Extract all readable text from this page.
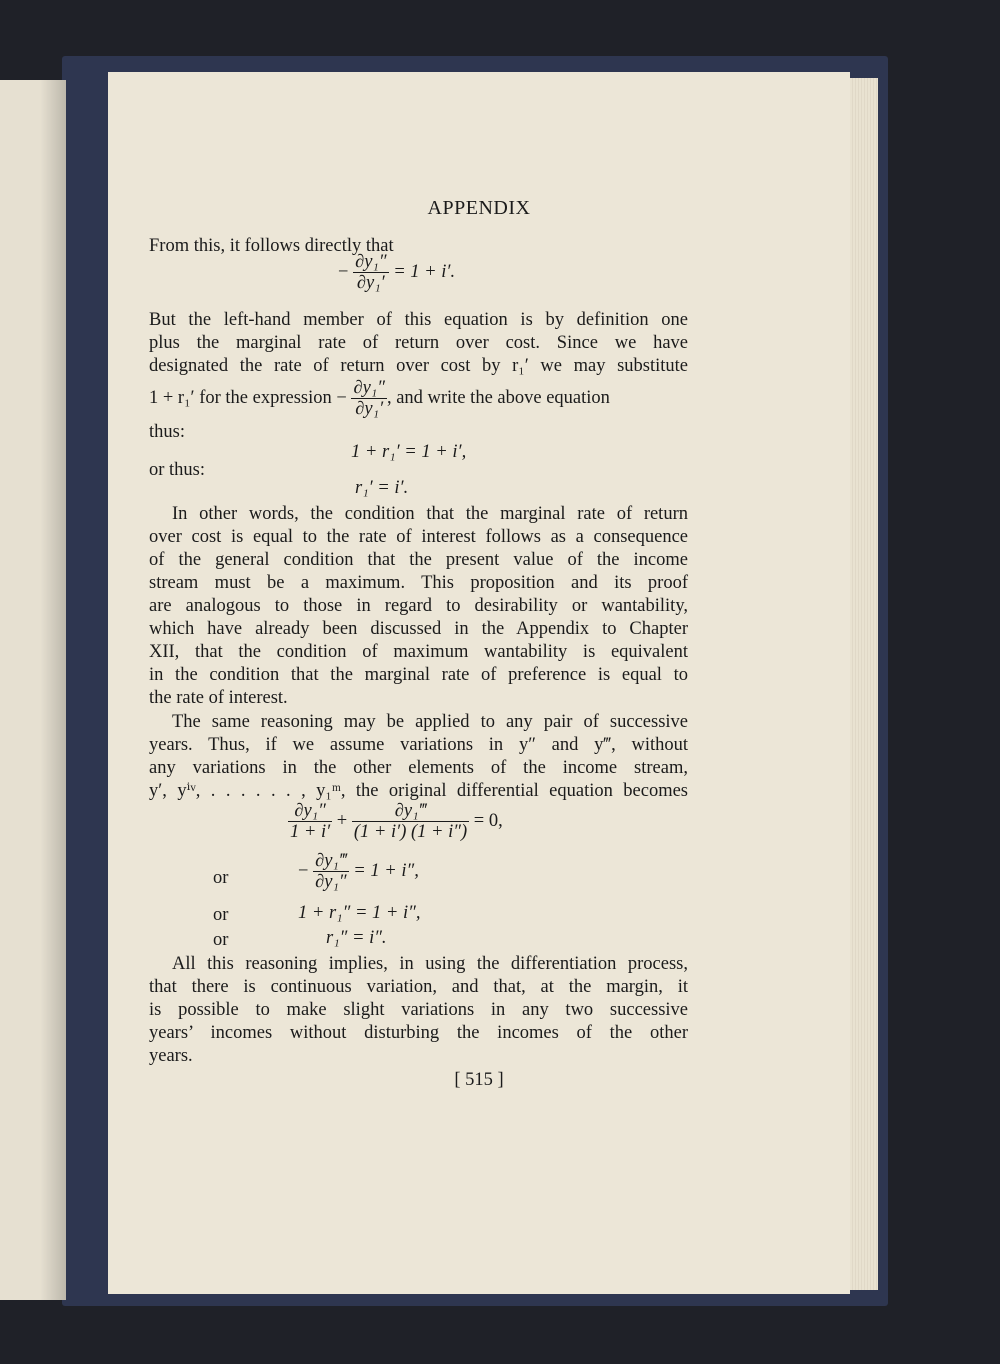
APPENDIX
From this, it follows directly that
− $\frac{\text{∂y₁″}}{\text{∂y₁′}} = 1 + i'$.
But the left-hand member of this equation is by definition one
plus the marginal rate of return over cost. Since we have
designated the rate of return over cost by r₁′ we may substitute
1 + r₁′ for the expression − $\frac{\text{∂y₁″}}{\text{∂y₁′}}$ , and write the above equation
thus:
1 + r₁′ = 1 + i′,
or thus:
r₁′ = i′.
In other words, the condition that the marginal rate of return
over cost is equal to the rate of interest follows as a consequence
of the general condition that the present value of the income
stream must be a maximum. This proposition and its proof
are analogous to those in regard to desirability or wantability,
which have already been discussed in the Appendix to Chapter
XII, that the condition of maximum wantability is equivalent
in the condition that the marginal rate of preference is equal to
the rate of interest.
The same reasoning may be applied to any pair of successive
years. Thus, if we assume variations in y″ and y‴, without
any variations in the other elements of the income stream,
y′, yⁱᵛ, . . . . . . , y₁ᵐ, the original differential equation becomes
$\frac{\text{∂y₁″}}{1 + i'} + \frac{\text{∂y₁‴}}{(1 + i') (1 + i'')} = 0$,
or	− $\frac{\text{∂y₁‴}}{\text{∂y₁″}} = 1 + i''$,
or	1 + r₁″ = 1 + i″,
or	r₁″ = i″.
All this reasoning implies, in using the differentiation process,
that there is continuous variation, and that, at the margin, it
is possible to make slight variations in any two successive
years’ incomes without disturbing the incomes of the other
years.
[ 515 ]
